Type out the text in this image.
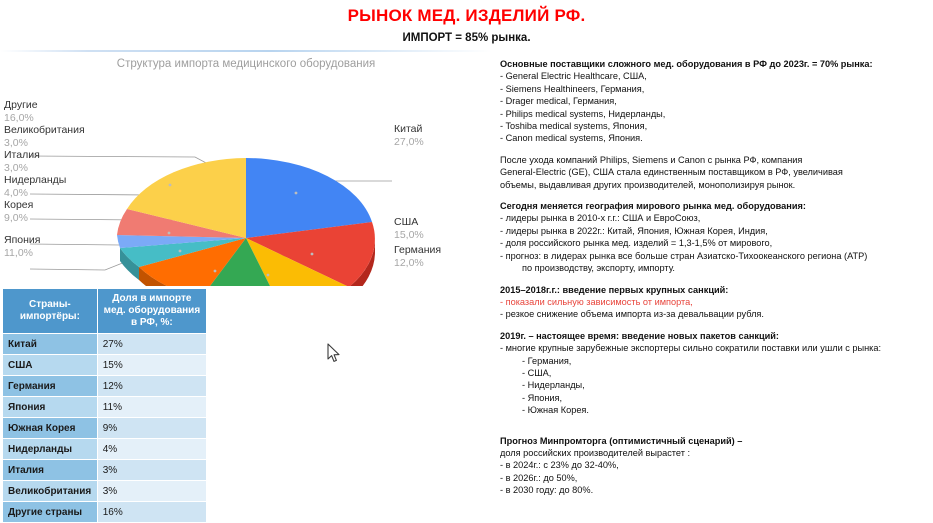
РЫНОК МЕД. ИЗДЕЛИЙ РФ.
ИМПОРТ = 85% рынка.
Структура импорта медицинского оборудования
Другие
16,0%
Великобритания
3,0%
Италия
3,0%
Нидерланды
4,0%
Корея
9,0%
Япония
11,0%
Китай
27,0%
США
15,0%
Германия
12,0%
Страны-
импортёры:	Доля в импорте
мед. оборудования
в РФ, %:
Китай	27%
США	15%
Германия	12%
Япония	11%
Южная Корея	9%
Нидерланды	4%
Италия	3%
Великобритания	3%
Другие страны	16%

Основные поставщики сложного мед. оборудования в РФ до 2023г. = 70% рынка:

- General Electric Healthcare, США,

- Siemens Healthineers, Германия,

- Drager medical, Германия,

- Philips medical systems, Нидерланды,

- Toshiba medical systems, Япония,

- Canon medical systems, Япония.

После ухода компаний Philips, Siemens и Canon с рынка РФ, компания

General-Electric (GE), США стала единственным поставщиком в РФ, увеличивая

объемы, выдавливая других производителей, монополизируя рынок.

Сегодня меняется география мирового рынка мед. оборудования:

- лидеры рынка в 2010-х г.г.: США и ЕвроСоюз,

- лидеры рынка в 2022г.: Китай, Япония, Южная Корея, Индия,

- доля российского рынка мед. изделий = 1,3-1,5% от мирового,

- прогноз: в лидерах рынка все больше стран Азиатско-Тихоокеанского региона (АТР)

по производству, экспорту, импорту.

2015–2018г.г.: введение первых крупных санкций:

- показали сильную зависимость от импорта,

- резкое снижение объема импорта из-за девальвации рубля.

2019г. – настоящее время: введение новых пакетов санкций:

- многие крупные зарубежные экспортеры сильно сократили поставки или ушли с рынка:

- Германия,

- США,

- Нидерланды,

- Япония,

- Южная Корея.

Прогноз Минпромторга (оптимистичный сценарий) –

доля российских производителей вырастет :

- в 2024г.: с 23% до 32-40%,

- в 2026г.: до 50%,

- в 2030 году: до 80%.
